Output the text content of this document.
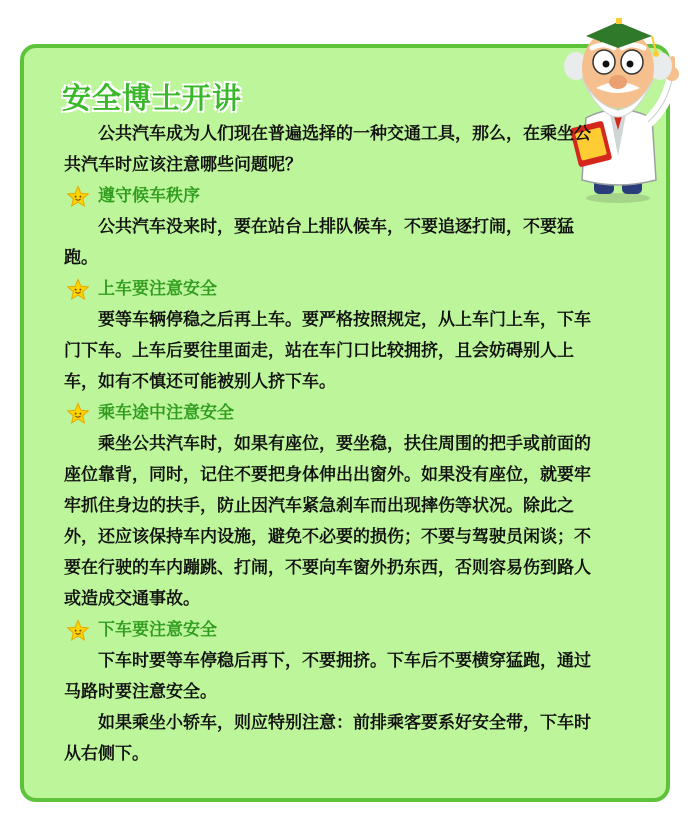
安全博士开讲

公共汽车成为人们现在普遍选择的一种交通工具，那么，在乘坐公共汽车时应该注意哪些问题呢？

遵守候车秩序

公共汽车没来时，要在站台上排队候车，不要追逐打闹，不要猛跑。

上车要注意安全

要等车辆停稳之后再上车。要严格按照规定，从上车门上车，下车门下车。上车后要往里面走，站在车门口比较拥挤，且会妨碍别人上车，如有不慎还可能被别人挤下车。

乘车途中注意安全

乘坐公共汽车时，如果有座位，要坐稳，扶住周围的把手或前面的座位靠背，同时，记住不要把身体伸出出窗外。如果没有座位，就要牢牢抓住身边的扶手，防止因汽车紧急刹车而出现摔伤等状况。除此之外，还应该保持车内设施，避免不必要的损伤；不要与驾驶员闲谈；不要在行驶的车内蹦跳、打闹，不要向车窗外扔东西，否则容易伤到路人或造成交通事故。

下车要注意安全

下车时要等车停稳后再下，不要拥挤。下车后不要横穿猛跑，通过马路时要注意安全。

如果乘坐小轿车，则应特别注意：前排乘客要系好安全带，下车时从右侧下。
